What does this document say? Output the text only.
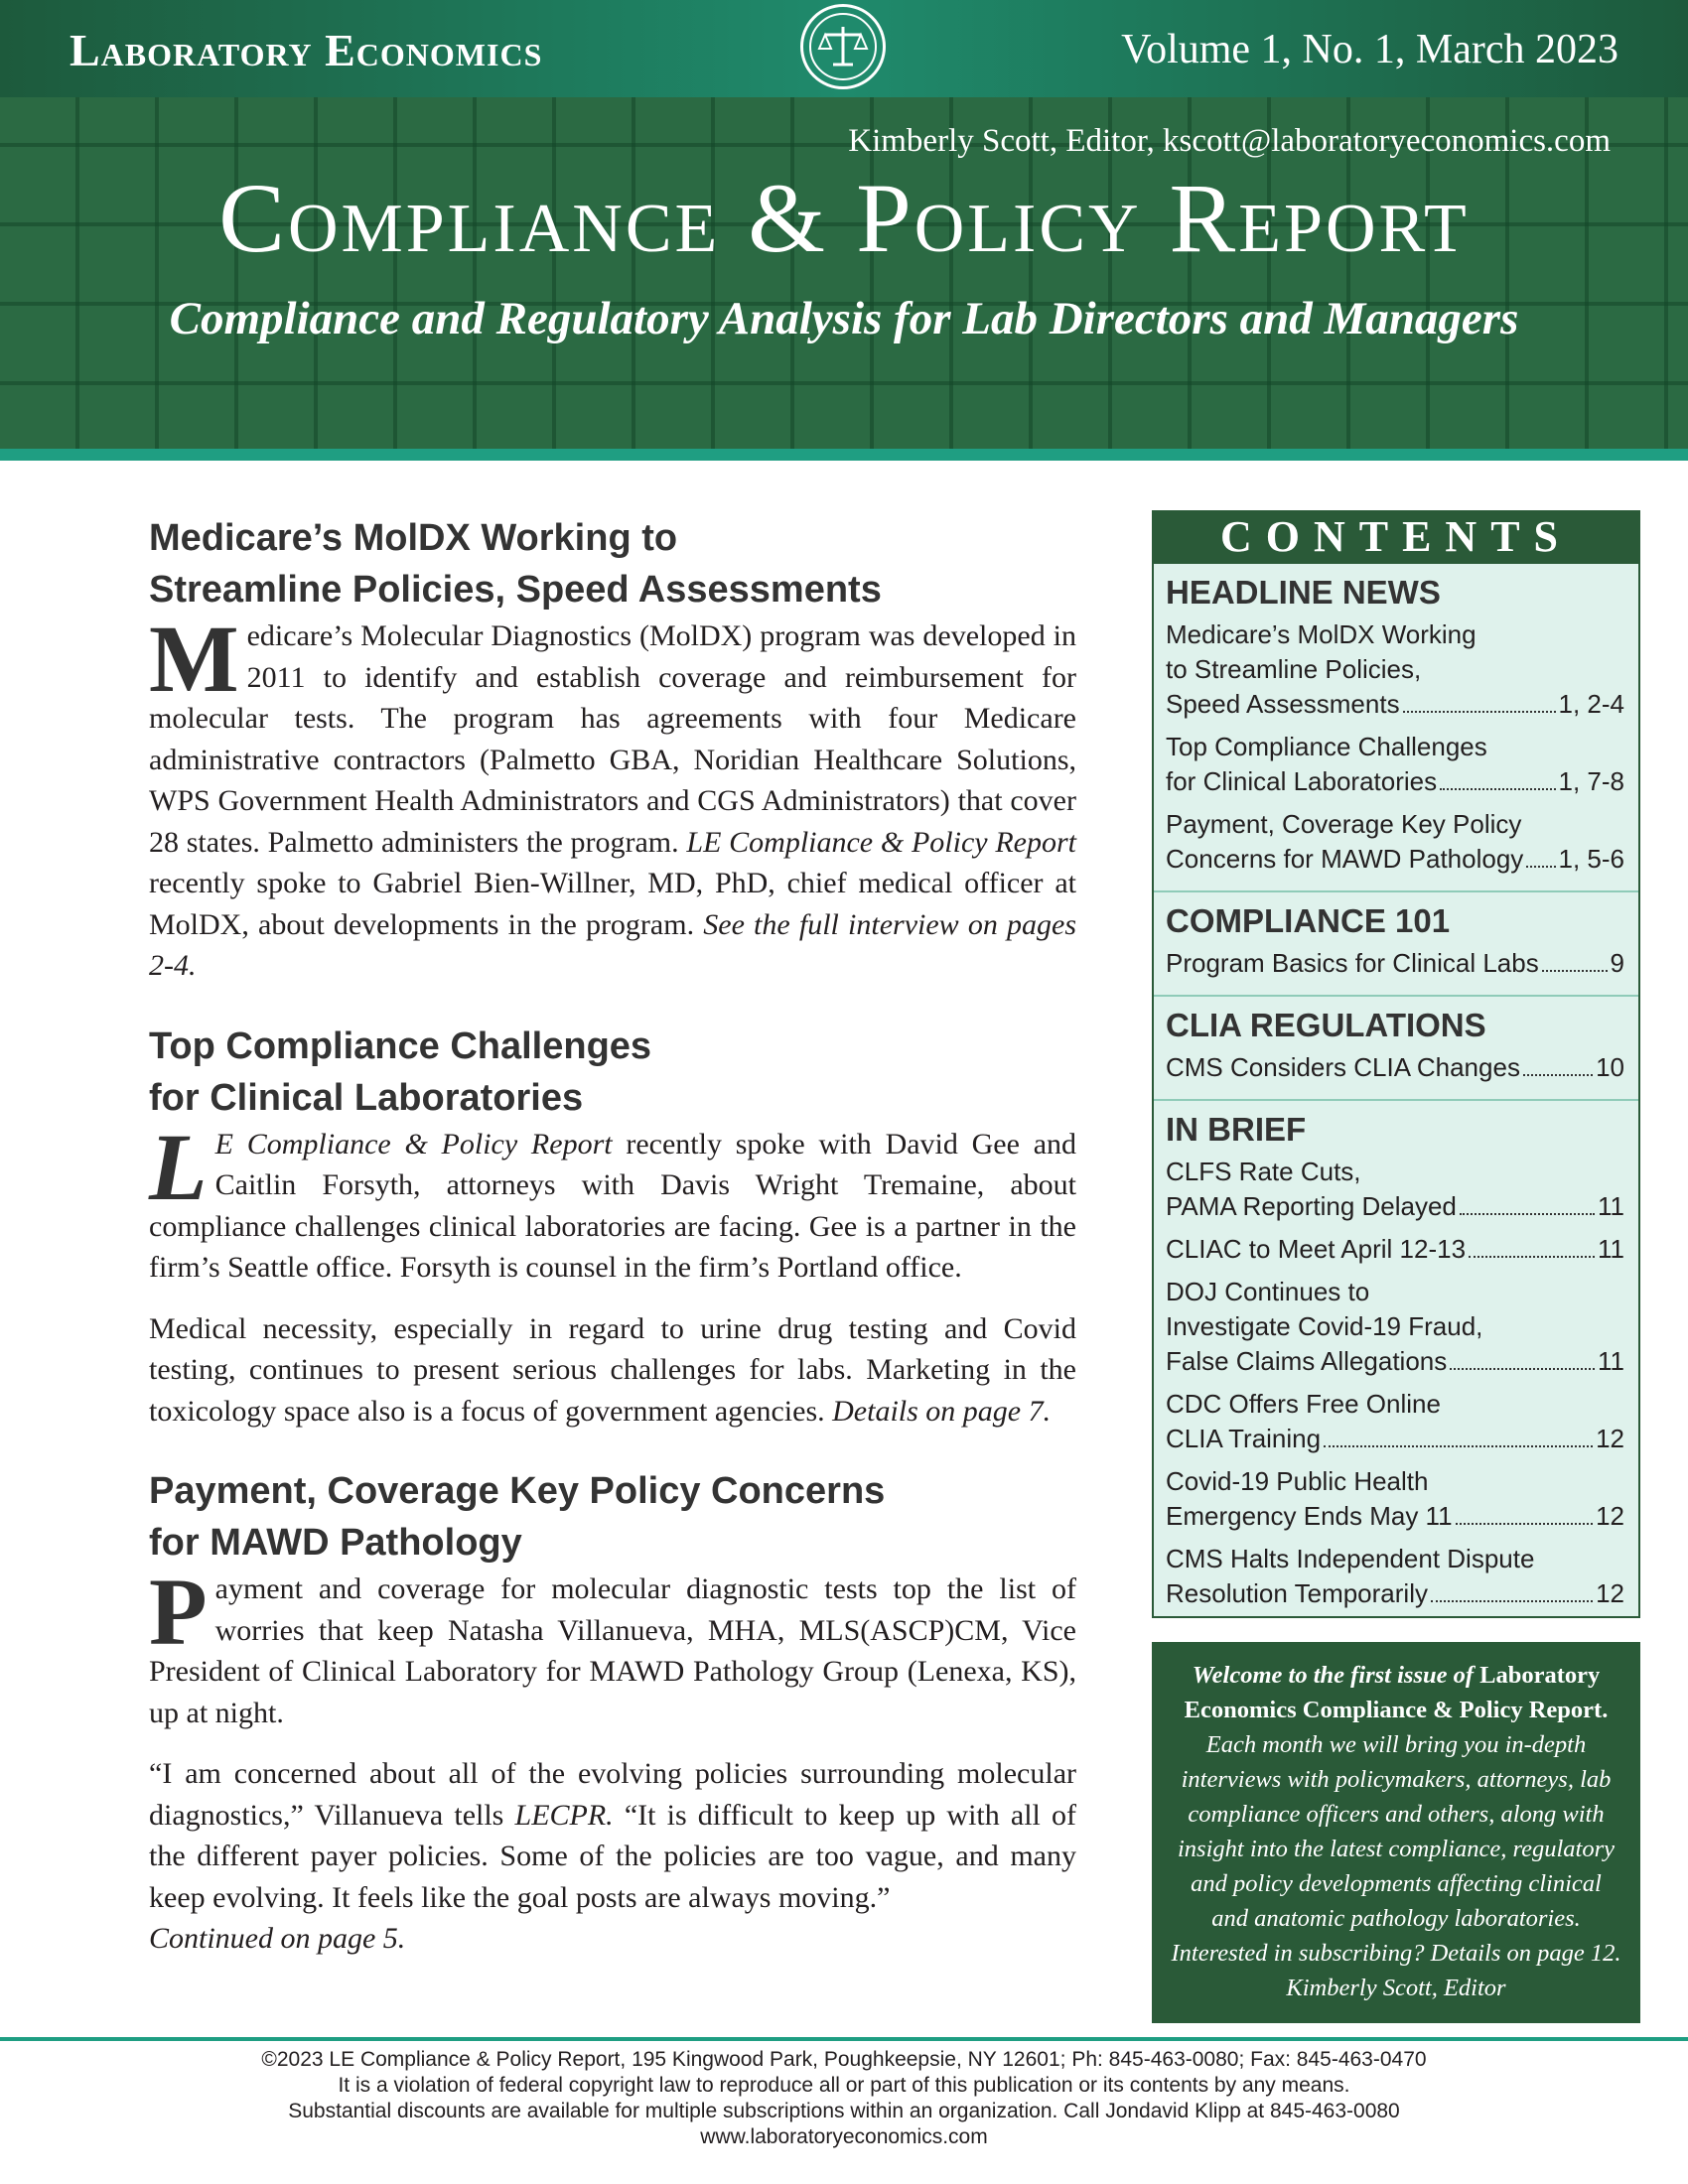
Laboratory Economics	Volume 1, No. 1, March 2023
Kimberly Scott, Editor, kscott@laboratoryeconomics.com
Compliance & Policy Report
Compliance and Regulatory Analysis for Lab Directors and Managers
Medicare’s MolDX Working to
Streamline Policies, Speed Assessments

Medicare’s Molecular Diagnostics (MolDX) program was developed in 2011 to identify and establish coverage and reimbursement for molecular tests. The program has agreements with four Medicare administrative contractors (Palmetto GBA, Noridian Healthcare Solutions, WPS Government Health Administrators and CGS Administrators) that cover 28 states. Palmetto administers the program. LE Compliance & Policy Report recently spoke to Gabriel Bien-Willner, MD, PhD, chief medical officer at MolDX, about developments in the program. See the full interview on pages 2-4.

Top Compliance Challenges
for Clinical Laboratories

L E Compliance & Policy Report recently spoke with David Gee and Caitlin Forsyth, attorneys with Davis Wright Tremaine, about compliance challenges clinical laboratories are facing. Gee is a partner in the firm’s Seattle office. Forsyth is counsel in the firm’s Portland office.

Medical necessity, especially in regard to urine drug testing and Covid testing, continues to present serious challenges for labs. Marketing in the toxicology space also is a focus of government agencies. Details on page 7.

Payment, Coverage Key Policy Concerns
for MAWD Pathology

Payment and coverage for molecular diagnostic tests top the list of worries that keep Natasha Villanueva, MHA, MLS(ASCP)CM, Vice President of Clinical Laboratory for MAWD Pathology Group (Lenexa, KS), up at night.

“I am concerned about all of the evolving policies surrounding molecular diagnostics,” Villanueva tells LECPR. “It is difficult to keep up with all of the different payer policies. Some of the policies are too vague, and many keep evolving. It feels like the goal posts are always moving.”
Continued on page 5.

CONTENTS
HEADLINE NEWS
Medicare’s MolDX Working
to Streamline Policies,
Speed Assessments	1, 2-4
Top Compliance Challenges
for Clinical Laboratories	1, 7-8
Payment, Coverage Key Policy
Concerns for MAWD Pathology 1, 5-6
COMPLIANCE 101
Program Basics for Clinical Labs	9
CLIA REGULATIONS
CMS Considers CLIA Changes	10
IN BRIEF
CLFS Rate Cuts,
PAMA Reporting Delayed	11
CLIAC to Meet April 12-13	11
DOJ Continues to
Investigate Covid-19 Fraud,
False Claims Allegations	11
CDC Offers Free Online
CLIA Training	12
Covid-19 Public Health
Emergency Ends May 11	12
CMS Halts Independent Dispute
Resolution Temporarily	12
Welcome to the first issue of Laboratory Economics Compliance & Policy Report. Each month we will bring you in-depth interviews with policymakers, attorneys, lab compliance officers and others, along with insight into the latest compliance, regulatory and policy developments affecting clinical and anatomic pathology laboratories. Interested in subscribing? Details on page 12.
Kimberly Scott, Editor
©2023 LE Compliance & Policy Report, 195 Kingwood Park, Poughkeepsie, NY 12601; Ph: 845-463-0080; Fax: 845-463-0470
It is a violation of federal copyright law to reproduce all or part of this publication or its contents by any means.
Substantial discounts are available for multiple subscriptions within an organization. Call Jondavid Klipp at 845-463-0080
www.laboratoryeconomics.com
